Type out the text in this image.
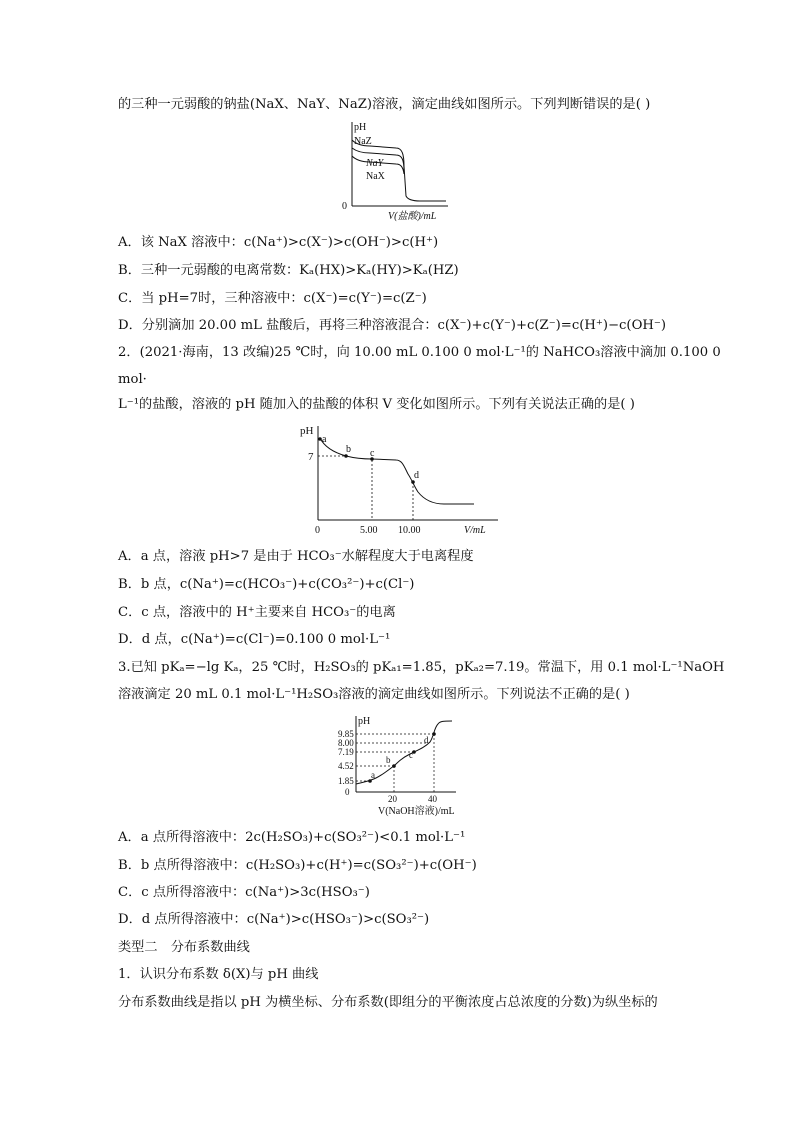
的三种一元弱酸的钠盐(NaX、NaY、NaZ)溶液，滴定曲线如图所示。下列判断错误的是( )
pH
0
V(盐酸)/mL
NaZ
NaY
NaX
A．该 NaX 溶液中：c(Na⁺)>c(X⁻)>c(OH⁻)>c(H⁺)
B．三种一元弱酸的电离常数：Kₐ(HX)>Kₐ(HY)>Kₐ(HZ)
C．当 pH=7时，三种溶液中：c(X⁻)=c(Y⁻)=c(Z⁻)
D．分别滴加 20.00 mL 盐酸后，再将三种溶液混合：c(X⁻)+c(Y⁻)+c(Z⁻)=c(H⁺)−c(OH⁻)
2．(2021·海南，13 改编)25 ℃时，向 10.00 mL 0.100 0 mol·L⁻¹的 NaHCO₃溶液中滴加 0.100 0
mol·
L⁻¹的盐酸，溶液的 pH 随加入的盐酸的体积 V 变化如图所示。下列有关说法正确的是( )
pH
7
a
b c
d
0	5.00 10.00	V/mL
A．a 点，溶液 pH>7 是由于 HCO₃⁻水解程度大于电离程度
B．b 点，c(Na⁺)=c(HCO₃⁻)+c(CO₃²⁻)+c(Cl⁻)
C．c 点，溶液中的 H⁺主要来自 HCO₃⁻的电离
D．d 点，c(Na⁺)=c(Cl⁻)=0.100 0 mol·L⁻¹
3.已知 pKₐ=−lg Kₐ，25 ℃时，H₂SO₃的 pKₐ₁=1.85，pKₐ₂=7.19。常温下，用 0.1 mol·L⁻¹NaOH
溶液滴定 20 mL 0.1 mol·L⁻¹H₂SO₃溶液的滴定曲线如图所示。下列说法不正确的是( )
pH
9.85
8.00
7.19
4.52
1.85
0
a
b c
d
20	40
V(NaOH溶液)/mL
A．a 点所得溶液中：2c(H₂SO₃)+c(SO₃²⁻)<0.1 mol·L⁻¹
B．b 点所得溶液中：c(H₂SO₃)+c(H⁺)=c(SO₃²⁻)+c(OH⁻)
C．c 点所得溶液中：c(Na⁺)>3c(HSO₃⁻)
D．d 点所得溶液中：c(Na⁺)>c(HSO₃⁻)>c(SO₃²⁻)
类型二　分布系数曲线
1．认识分布系数 δ(X)与 pH 曲线
分布系数曲线是指以 pH 为横坐标、分布系数(即组分的平衡浓度占总浓度的分数)为纵坐标的
